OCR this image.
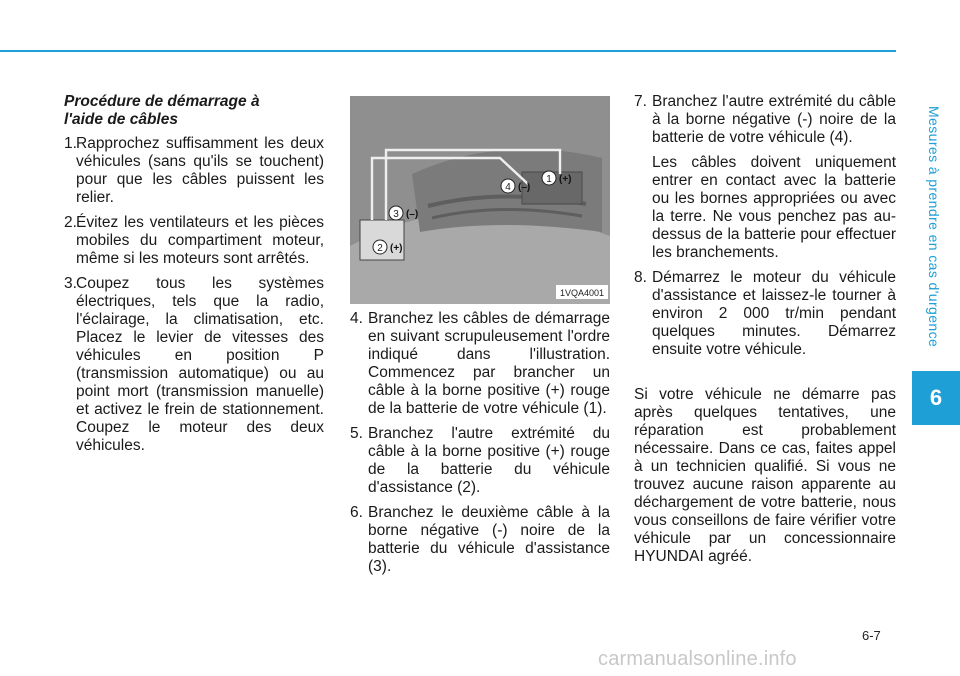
Mesures à prendre en cas d'urgence
6
Procédure de démarrage à
l'aide de câbles
1. Rapprochez suffisamment les deux véhicules (sans qu'ils se touchent) pour que les câbles puissent les relier.
2. Évitez les ventilateurs et les pièces mobiles du compartiment moteur, même si les moteurs sont arrêtés.
3. Coupez tous les systèmes électriques, tels que la radio, l'éclairage, la climatisation, etc. Placez le levier de vitesses des véhicules en position P (transmission automatique) ou au point mort (transmission manuelle) et activez le frein de stationnement. Coupez le moteur des deux véhicules.
1 (+)
4 (–)
3 (–)
2 (+)
1VQA4001
4. Branchez les câbles de démarrage en suivant scrupuleusement l'ordre indiqué dans l'illustration. Commencez par brancher un câble à la borne positive (+) rouge de la batterie de votre véhicule (1).
5. Branchez l'autre extrémité du câble à la borne positive (+) rouge de la batterie du véhicule d'assistance (2).
6. Branchez le deuxième câble à la borne négative (-) noire de la batterie du véhicule d'assistance (3).
7. Branchez l'autre extrémité du câble à la borne négative (-) noire de la batterie de votre véhicule (4).
Les câbles doivent uniquement entrer en contact avec la batterie ou les bornes appropriées ou avec la terre. Ne vous penchez pas au-dessus de la batterie pour effectuer les branchements.
8. Démarrez le moteur du véhicule d'assistance et laissez-le tourner à environ 2 000 tr/min pendant quelques minutes. Démarrez ensuite votre véhicule.

Si votre véhicule ne démarre pas après quelques tentatives, une réparation est probablement nécessaire. Dans ce cas, faites appel à un technicien qualifié. Si vous ne trouvez aucune raison apparente au déchargement de votre batterie, nous vous conseillons de faire vérifier votre véhicule par un concessionnaire HYUNDAI agréé.

6-7
carmanualsonline.info
